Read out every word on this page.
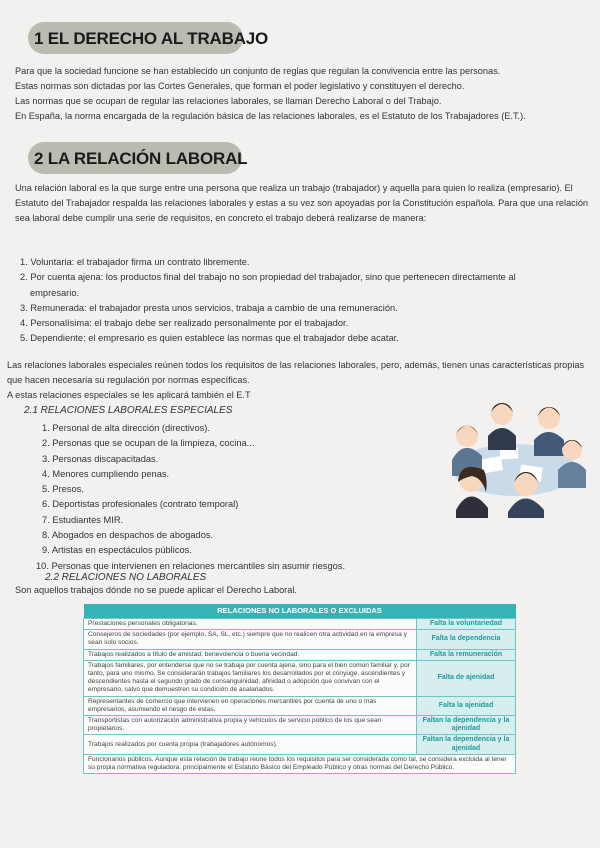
1 EL DERECHO AL TRABAJO

Para que la sociedad funcione se han establecido un conjunto de reglas que regulan la convivencia entre las personas.

Estas normas son dictadas por las Cortes Generales, que forman el poder legislativo y constituyen el derecho.

Las normas que se ocupan de regular las relaciones laborales, se llaman Derecho Laboral o del Trabajo.

En España, la norma encargada de la regulación básica de las relaciones laborales, es el Estatuto de los Trabajadores (E.T.).

2 LA RELACIÓN LABORAL
Una relación laboral es la que surge entre una persona que realiza un trabajo (trabajador) y aquella para quien lo realiza (empresario). El Estatuto del Trabajador respalda las relaciones laborales y estas a su vez son apoyadas por la Constitución española. Para que una relación sea laboral debe cumplir una serie de requisitos, en concreto el trabajo deberá realizarse de manera:
1. Voluntaria: el trabajador firma un contrato libremente.
2. Por cuenta ajena: los productos final del trabajo no son propiedad del trabajador, sino que pertenecen directamente al empresario.
3. Remunerada: el trabajador presta unos servicios, trabaja a cambio de una remuneración.
4. Personalísima: el trabajo debe ser realizado personalmente por el trabajador.
5. Dependiente: el empresario es quien establece las normas que el trabajador debe acatar.
Las relaciones laborales especiales reúnen todos los requisitos de las relaciones laborales, pero, además, tienen unas características propias que hacen necesaria su regulación por normas específicas.
A estas relaciones especiales se les aplicará también el E.T
2.1 RELACIONES LABORALES ESPECIALES
1. Personal de alta dirección (directivos).
2. Personas que se ocupan de la limpieza, cocina...
3. Personas discapacitadas.
4. Menores cumpliendo penas.
5. Presos.
6. Deportistas profesionales (contrato temporal)
7. Estudiantes MIR.
8. Abogados en despachos de abogados.
9. Artistas en espectáculos públicos.
10. Personas que intervienen en relaciones mercantiles sin asumir riesgos.
2.2 RELACIONES NO LABORALES
Son aquellos trabajos dónde no se puede aplicar el Derecho Laboral.
RELACIONES NO LABORALES O EXCLUIDAS	
Prestaciones personales obligatorias.	Falta la voluntariedad
Consejeros de sociedades (por ejemplo, SA, SL, etc.) siempre que no realicen otra actividad en la empresa y sean solo socios.	Falta la dependencia
Trabajos realizados a título de amistad, benevolencia o buena vecindad.	Falta la remuneración
Trabajos familiares, por entenderse que no se trabaja por cuenta ajena, sino para el bien común familiar y, por tanto, para uno mismo. Se considerarán trabajos familiares los desarrollados por el cónyuge, ascendientes y descendientes hasta el segundo grado de consanguinidad, afinidad o adopción que convivan con el empresario, salvo que demuestren su condición de asalariados.	Falta de ajenidad
Representantes de comercio que intervienen en operaciones mercantiles por cuenta de uno o más empresarios, asumiendo el riesgo de estas.	Falta la ajenidad
Transportistas con autorización administrativa propia y vehículos de servicio público de los que sean propietarios.	Faltan la dependencia y la ajenidad
Trabajos realizados por cuenta propia (trabajadores autónomos).	Faltan la dependencia y la ajenidad
Funcionarios públicos. Aunque esta relación de trabajo reúne todos los requisitos para ser considerada como tal, se considera excluida al tener su propia normativa reguladora: principalmente el Estatuto Básico del Empleado Público y otras normas del Derecho Público.	
